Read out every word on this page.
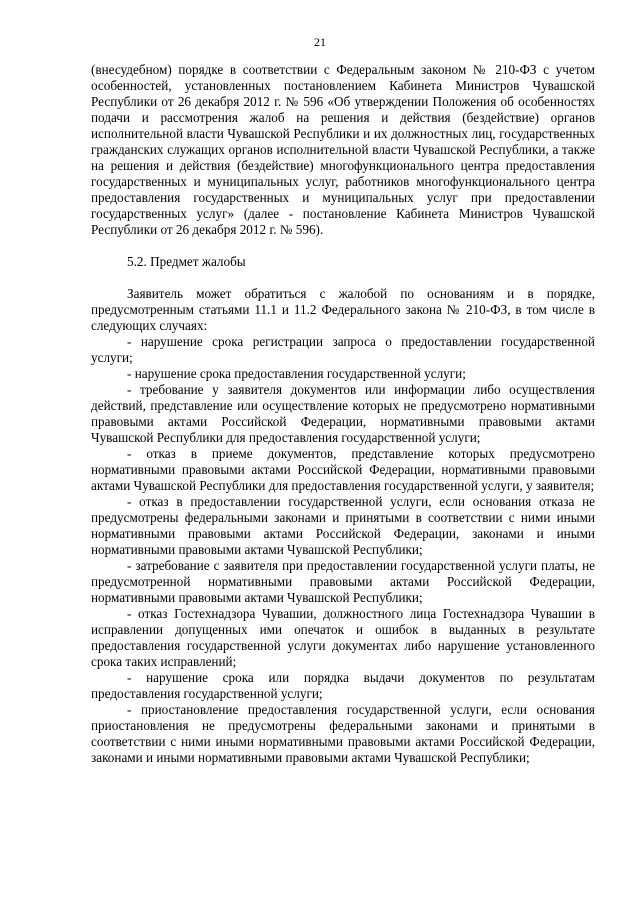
21

(внесудебном) порядке в соответствии с Федеральным законом № 210-ФЗ с учетом особенностей, установленных постановлением Кабинета Министров Чувашской Республики от 26 декабря 2012 г. № 596 «Об утверждении Положения об особенностях подачи и рассмотрения жалоб на решения и действия (бездействие) органов исполнительной власти Чувашской Республики и их должностных лиц, государственных гражданских служащих органов исполнительной власти Чувашской Республики, а также на решения и действия (бездействие) многофункционального центра предоставления государственных и муниципальных услуг, работников многофункционального центра предоставления государственных и муниципальных услуг при предоставлении государственных услуг» (далее - постановление Кабинета Министров Чувашской Республики от 26 декабря 2012 г. № 596).

5.2. Предмет жалобы

Заявитель может обратиться с жалобой по основаниям и в порядке, предусмотренным статьями 11.1 и 11.2 Федерального закона № 210-ФЗ, в том числе в следующих случаях:

- нарушение срока регистрации запроса о предоставлении государственной услуги;

- нарушение срока предоставления государственной услуги;

- требование у заявителя документов или информации либо осуществления действий, представление или осуществление которых не предусмотрено нормативными правовыми актами Российской Федерации, нормативными правовыми актами Чувашской Республики для предоставления государственной услуги;

- отказ в приеме документов, представление которых предусмотрено нормативными правовыми актами Российской Федерации, нормативными правовыми актами Чувашской Республики для предоставления государственной услуги, у заявителя;

- отказ в предоставлении государственной услуги, если основания отказа не предусмотрены федеральными законами и принятыми в соответствии с ними иными нормативными правовыми актами Российской Федерации, законами и иными нормативными правовыми актами Чувашской Республики;

- затребование с заявителя при предоставлении государственной услуги платы, не предусмотренной нормативными правовыми актами Российской Федерации, нормативными правовыми актами Чувашской Республики;

- отказ Гостехнадзора Чувашии, должностного лица Гостехнадзора Чувашии в исправлении допущенных ими опечаток и ошибок в выданных в результате предоставления государственной услуги документах либо нарушение установленного срока таких исправлений;

- нарушение срока или порядка выдачи документов по результатам предоставления государственной услуги;

- приостановление предоставления государственной услуги, если основания приостановления не предусмотрены федеральными законами и принятыми в соответствии с ними иными нормативными правовыми актами Российской Федерации, законами и иными нормативными правовыми актами Чувашской Республики;
